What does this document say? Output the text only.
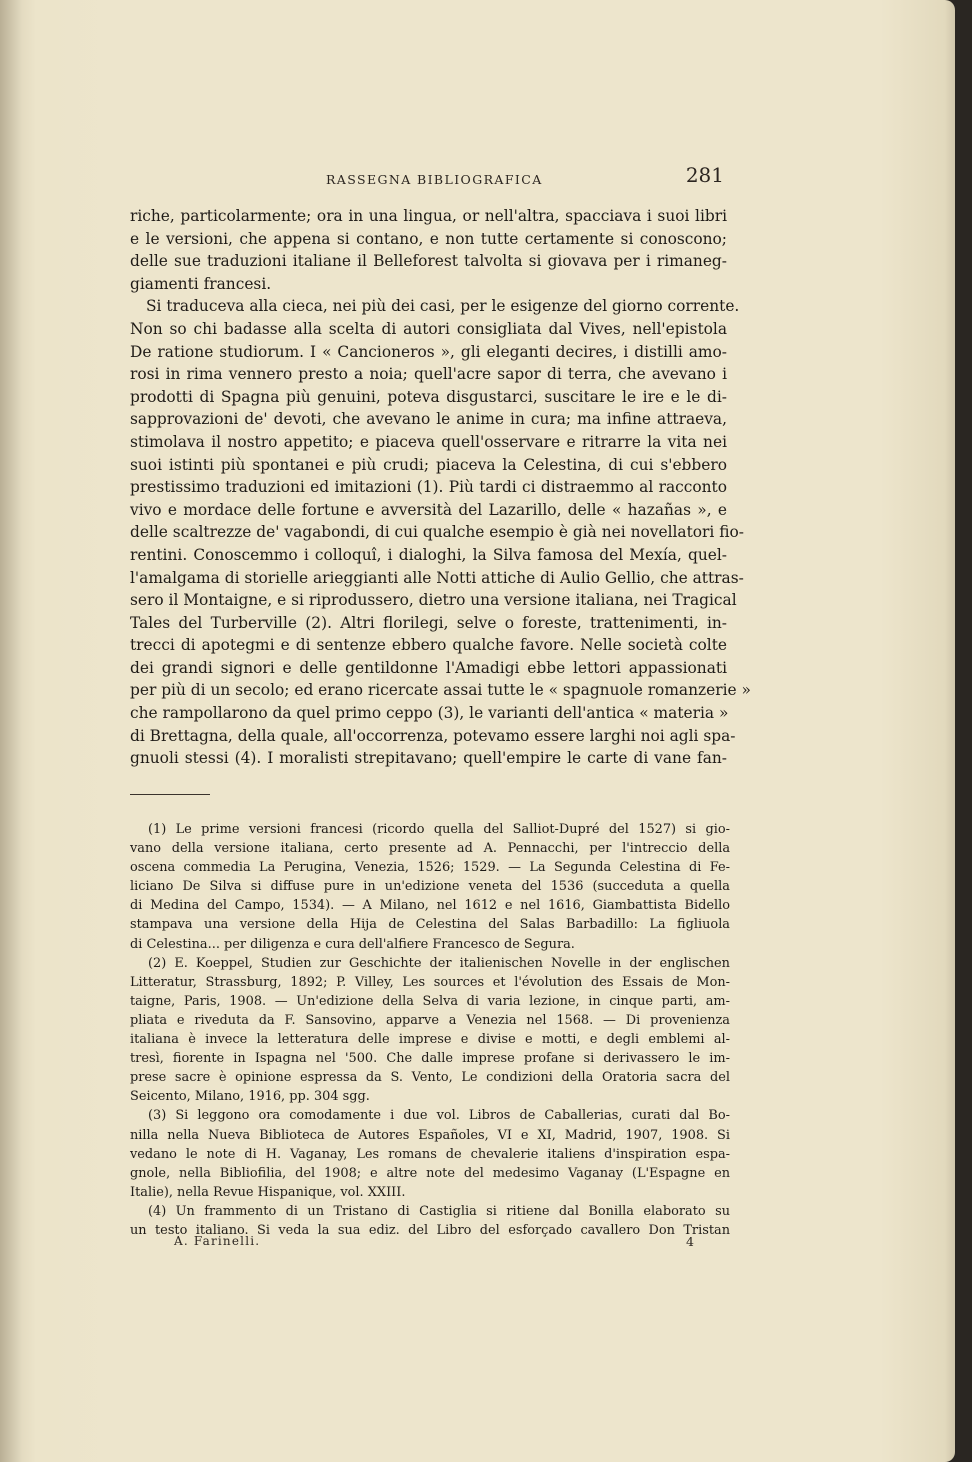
RASSEGNA BIBLIOGRAFICA	281
riche, particolarmente; ora in una lingua, or nell'altra, spacciava i suoi libri
e le versioni, che appena si contano, e non tutte certamente si conoscono;
delle sue traduzioni italiane il Belleforest talvolta si giovava per i rimaneg-
giamenti francesi.
Si traduceva alla cieca, nei più dei casi, per le esigenze del giorno corrente.
Non so chi badasse alla scelta di autori consigliata dal Vives, nell'epistola
De ratione studiorum. I « Cancioneros », gli eleganti decires, i distilli amo-
rosi in rima vennero presto a noia; quell'acre sapor di terra, che avevano i
prodotti di Spagna più genuini, poteva disgustarci, suscitare le ire e le di-
sapprovazioni de' devoti, che avevano le anime in cura; ma infine attraeva,
stimolava il nostro appetito; e piaceva quell'osservare e ritrarre la vita nei
suoi istinti più spontanei e più crudi; piaceva la Celestina, di cui s'ebbero
prestissimo traduzioni ed imitazioni (1). Più tardi ci distraemmo al racconto
vivo e mordace delle fortune e avversità del Lazarillo, delle « hazañas », e
delle scaltrezze de' vagabondi, di cui qualche esempio è già nei novellatori fio-
rentini. Conoscemmo i colloquî, i dialoghi, la Silva famosa del Mexía, quel-
l'amalgama di storielle arieggianti alle Notti attiche di Aulio Gellio, che attras-
sero il Montaigne, e si riprodussero, dietro una versione italiana, nei Tragical
Tales del Turberville (2). Altri florilegi, selve o foreste, trattenimenti, in-
trecci di apotegmi e di sentenze ebbero qualche favore. Nelle società colte
dei grandi signori e delle gentildonne l'Amadigi ebbe lettori appassionati
per più di un secolo; ed erano ricercate assai tutte le « spagnuole romanzerie »
che rampollarono da quel primo ceppo (3), le varianti dell'antica « materia »
di Brettagna, della quale, all'occorrenza, potevamo essere larghi noi agli spa-
gnuoli stessi (4). I moralisti strepitavano; quell'empire le carte di vane fan-
(1) Le prime versioni francesi (ricordo quella del Salliot-Dupré del 1527) si gio-
vano della versione italiana, certo presente ad A. Pennacchi, per l'intreccio della
oscena commedia La Perugina, Venezia, 1526; 1529. — La Segunda Celestina di Fe-
liciano De Silva si diffuse pure in un'edizione veneta del 1536 (succeduta a quella
di Medina del Campo, 1534). — A Milano, nel 1612 e nel 1616, Giambattista Bidello
stampava una versione della Hija de Celestina del Salas Barbadillo: La figliuola
di Celestina... per diligenza e cura dell'alfiere Francesco de Segura.
(2) E. Koeppel, Studien zur Geschichte der italienischen Novelle in der englischen
Litteratur, Strassburg, 1892; P. Villey, Les sources et l'évolution des Essais de Mon-
taigne, Paris, 1908. — Un'edizione della Selva di varia lezione, in cinque parti, am-
pliata e riveduta da F. Sansovino, apparve a Venezia nel 1568. — Di provenienza
italiana è invece la letteratura delle imprese e divise e motti, e degli emblemi al-
tresì, fiorente in Ispagna nel '500. Che dalle imprese profane si derivassero le im-
prese sacre è opinione espressa da S. Vento, Le condizioni della Oratoria sacra del
Seicento, Milano, 1916, pp. 304 sgg.
(3) Si leggono ora comodamente i due vol. Libros de Caballerias, curati dal Bo-
nilla nella Nueva Biblioteca de Autores Españoles, VI e XI, Madrid, 1907, 1908. Si
vedano le note di H. Vaganay, Les romans de chevalerie italiens d'inspiration espa-
gnole, nella Bibliofilia, del 1908; e altre note del medesimo Vaganay (L'Espagne en
Italie), nella Revue Hispanique, vol. XXIII.
(4) Un frammento di un Tristano di Castiglia si ritiene dal Bonilla elaborato su
un testo italiano. Si veda la sua ediz. del Libro del esforçado cavallero Don Tristan
A. Farinelli.	4
